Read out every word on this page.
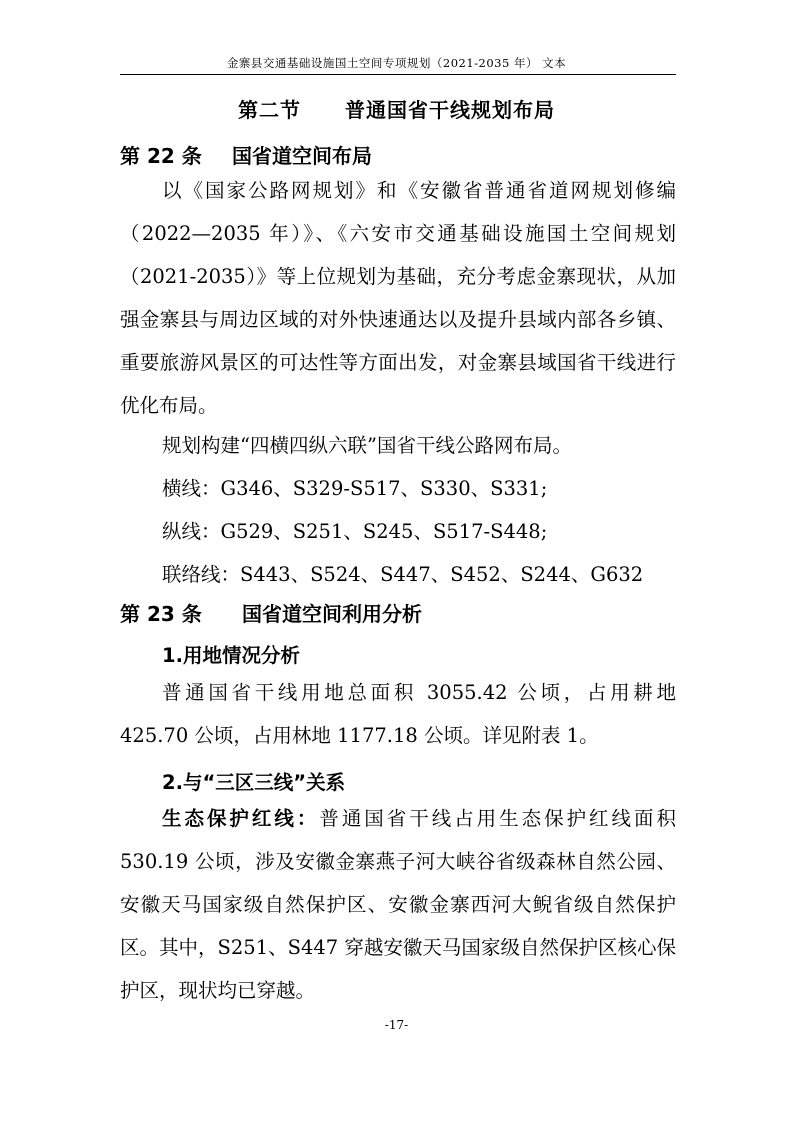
金寨县交通基础设施国土空间专项规划（2021-2035 年） 文本
第二节 普通国省干线规划布局
第 22 条 国省道空间布局
以《国家公路网规划》和《安徽省普通省道网规划修编（2022—2035 年）》、《六安市交通基础设施国土空间规划（2021-2035）》等上位规划为基础，充分考虑金寨现状，从加强金寨县与周边区域的对外快速通达以及提升县域内部各乡镇、重要旅游风景区的可达性等方面出发，对金寨县域国省干线进行优化布局。
规划构建“四横四纵六联”国省干线公路网布局。
横线：G346、S329-S517、S330、S331;
纵线：G529、S251、S245、S517-S448;
联络线：S443、S524、S447、S452、S244、G632
第 23 条 国省道空间利用分析
1.用地情况分析
普通国省干线用地总面积 3055.42 公顷，占用耕地 425.70 公顷，占用林地 1177.18 公顷。详见附表 1。
2.与“三区三线”关系
生态保护红线：普通国省干线占用生态保护红线面积 530.19 公顷，涉及安徽金寨燕子河大峡谷省级森林自然公园、安徽天马国家级自然保护区、安徽金寨西河大鲵省级自然保护区。其中，S251、S447 穿越安徽天马国家级自然保护区核心保护区，现状均已穿越。
-17-
